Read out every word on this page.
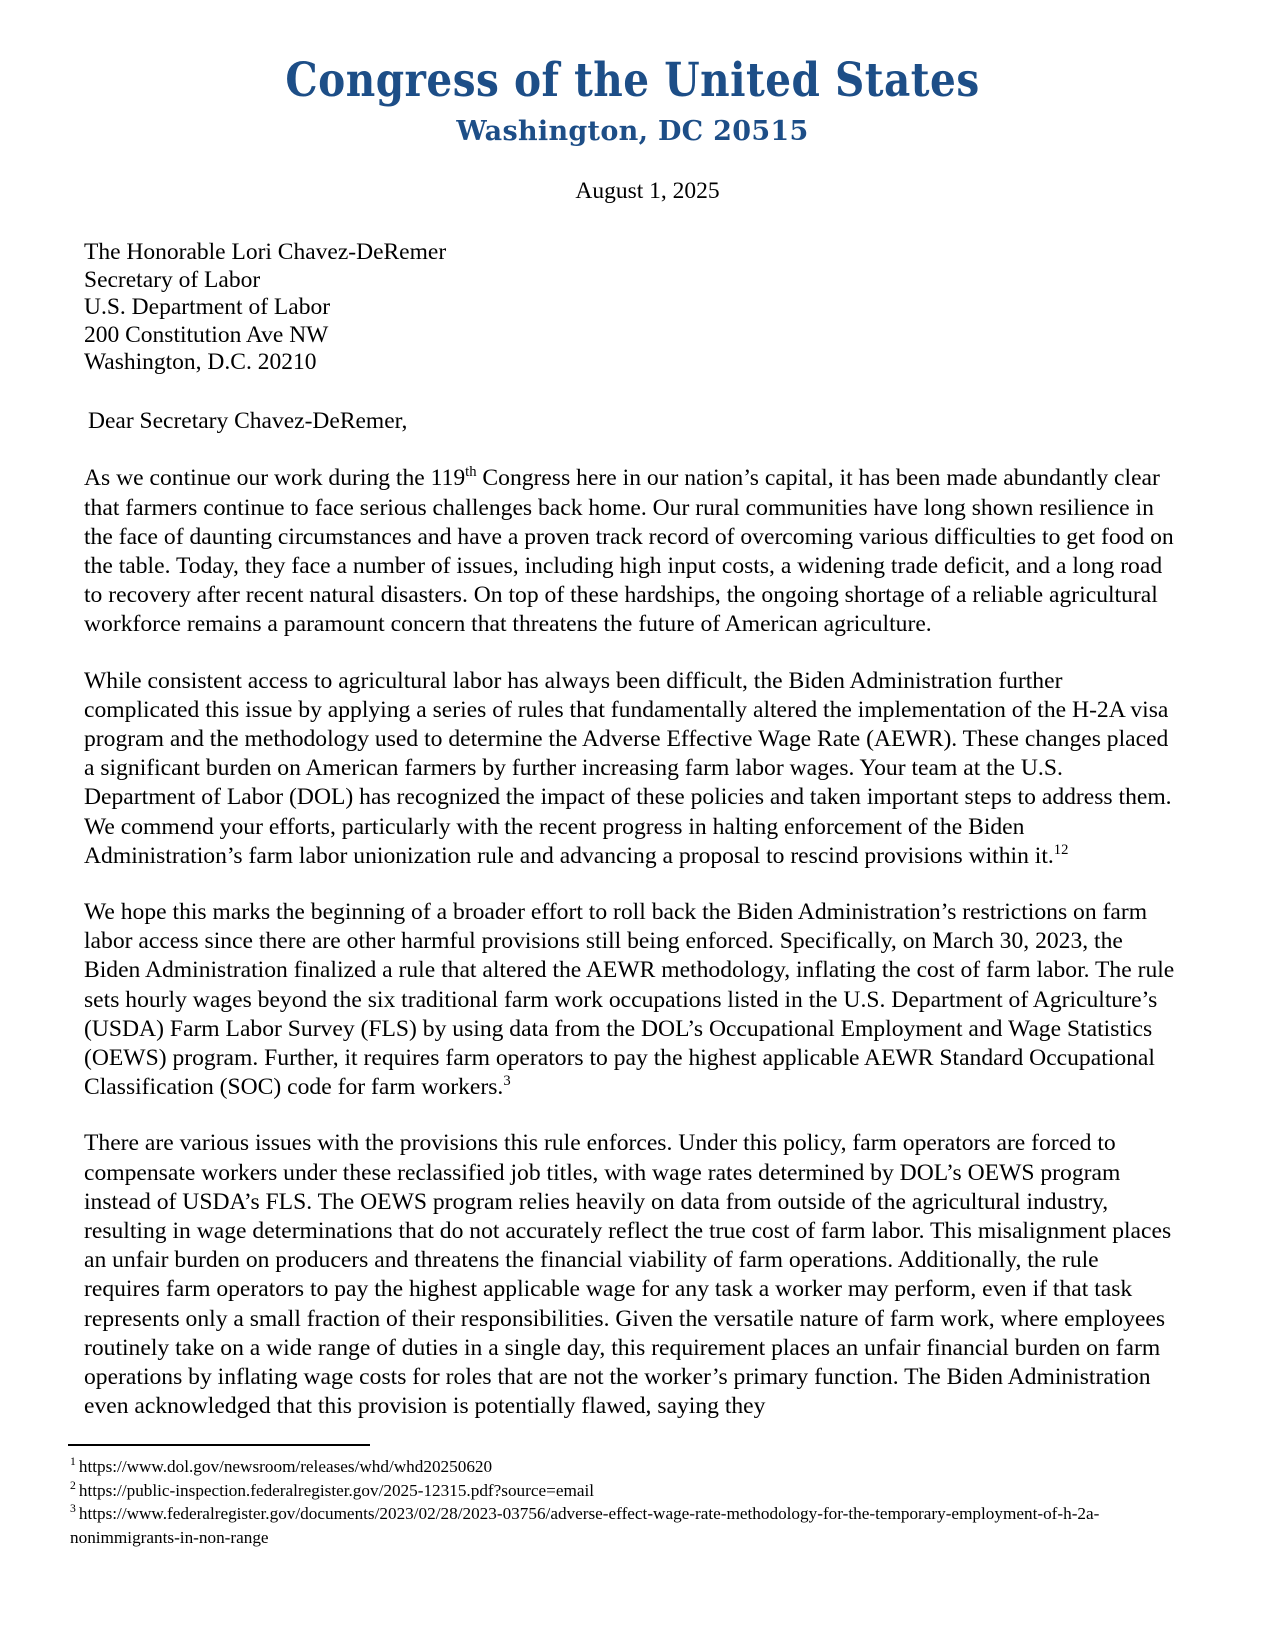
Congress of the United States
Washington, DC 20515
August 1, 2025
The Honorable Lori Chavez-DeRemer
Secretary of Labor
U.S. Department of Labor
200 Constitution Ave NW
Washington, D.C. 20210
Dear Secretary Chavez-DeRemer,

As we continue our work during the 119th Congress here in our nation’s capital, it has been made abundantly clear that farmers continue to face serious challenges back home. Our rural communities have long shown resilience in the face of daunting circumstances and have a proven track record of overcoming various difficulties to get food on the table. Today, they face a number of issues, including high input costs, a widening trade deficit, and a long road to recovery after recent natural disasters. On top of these hardships, the ongoing shortage of a reliable agricultural workforce remains a paramount concern that threatens the future of American agriculture.

While consistent access to agricultural labor has always been difficult, the Biden Administration further complicated this issue by applying a series of rules that fundamentally altered the implementation of the H-2A visa program and the methodology used to determine the Adverse Effective Wage Rate (AEWR). These changes placed a significant burden on American farmers by further increasing farm labor wages. Your team at the U.S. Department of Labor (DOL) has recognized the impact of these policies and taken important steps to address them. We commend your efforts, particularly with the recent progress in halting enforcement of the Biden Administration’s farm labor unionization rule and advancing a proposal to rescind provisions within it.$^{12}$

We hope this marks the beginning of a broader effort to roll back the Biden Administration’s restrictions on farm labor access since there are other harmful provisions still being enforced. Specifically, on March 30, 2023, the Biden Administration finalized a rule that altered the AEWR methodology, inflating the cost of farm labor. The rule sets hourly wages beyond the six traditional farm work occupations listed in the U.S. Department of Agriculture’s (USDA) Farm Labor Survey (FLS) by using data from the DOL’s Occupational Employment and Wage Statistics (OEWS) program. Further, it requires farm operators to pay the highest applicable AEWR Standard Occupational Classification (SOC) code for farm workers.$^3$

There are various issues with the provisions this rule enforces. Under this policy, farm operators are forced to compensate workers under these reclassified job titles, with wage rates determined by DOL’s OEWS program instead of USDA’s FLS. The OEWS program relies heavily on data from outside of the agricultural industry, resulting in wage determinations that do not accurately reflect the true cost of farm labor. This misalignment places an unfair burden on producers and threatens the financial viability of farm operations. Additionally, the rule requires farm operators to pay the highest applicable wage for any task a worker may perform, even if that task represents only a small fraction of their responsibilities. Given the versatile nature of farm work, where employees routinely take on a wide range of duties in a single day, this requirement places an unfair financial burden on farm operations by inflating wage costs for roles that are not the worker’s primary function. The Biden Administration even acknowledged that this provision is potentially flawed, saying they

$^1$ https://www.dol.gov/newsroom/releases/whd/whd20250620

$^2$ https://public-inspection.federalregister.gov/2025-12315.pdf?source=email

$^3$ https://www.federalregister.gov/documents/2023/02/28/2023-03756/adverse-effect-wage-rate-methodology-for-the-temporary-employment-of-h-2a-nonimmigrants-in-non-range
